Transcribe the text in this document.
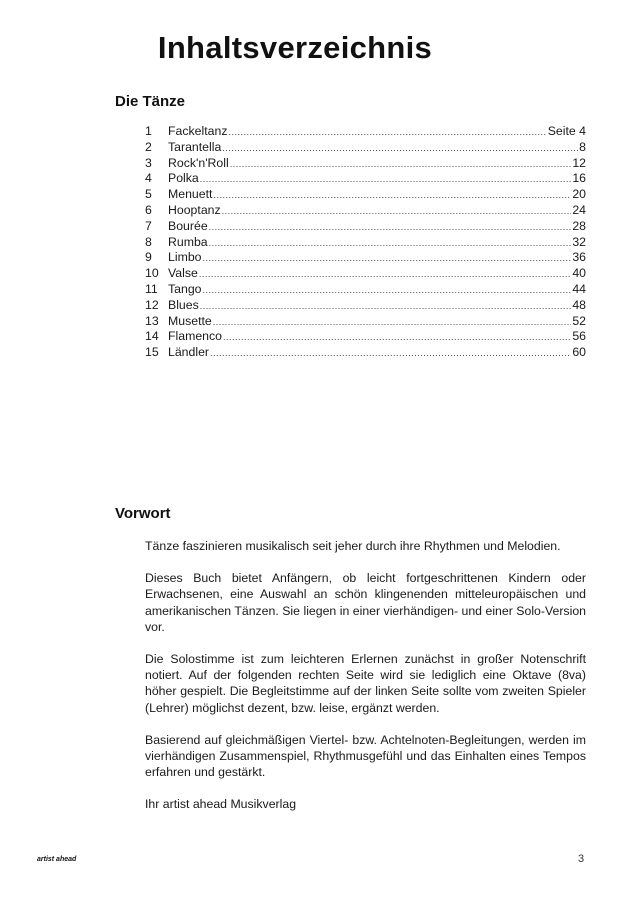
Inhaltsverzeichnis
Die Tänze
1	Fackeltanz .....	Seite 4
2	Tarantella .....	8
3	Rock'n'Roll .....	12
4	Polka .....	16
5	Menuett .....	20
6	Hooptanz .....	24
7	Bourée .....	28
8	Rumba .....	32
9	Limbo .....	36
10 Valse .....	40
11 Tango .....	44
12 Blues .....	48
13 Musette .....	52
14 Flamenco .....	56
15 Ländler .....	60
Vorwort

Tänze faszinieren musikalisch seit jeher durch ihre Rhythmen und Melodien.

Dieses Buch bietet Anfängern, ob leicht fortgeschrittenen Kindern oder Erwachsenen, eine Auswahl an schön klingenenden mitteleuropäischen und amerikanischen Tänzen. Sie liegen in einer vierhändigen- und einer Solo-Version vor.

Die Solostimme ist zum leichteren Erlernen zunächst in großer Notenschrift notiert. Auf der folgenden rechten Seite wird sie lediglich eine Oktave (8va) höher gespielt. Die Begleitstimme auf der linken Seite sollte vom zweiten Spieler (Lehrer) möglichst dezent, bzw. leise, ergänzt werden.

Basierend auf gleichmäßigen Viertel- bzw. Achtelnoten-Begleitungen, werden im vierhändigen Zusammenspiel, Rhythmusgefühl und das Einhalten eines Tempos erfahren und gestärkt.

Ihr artist ahead Musikverlag

artist ahead	3
